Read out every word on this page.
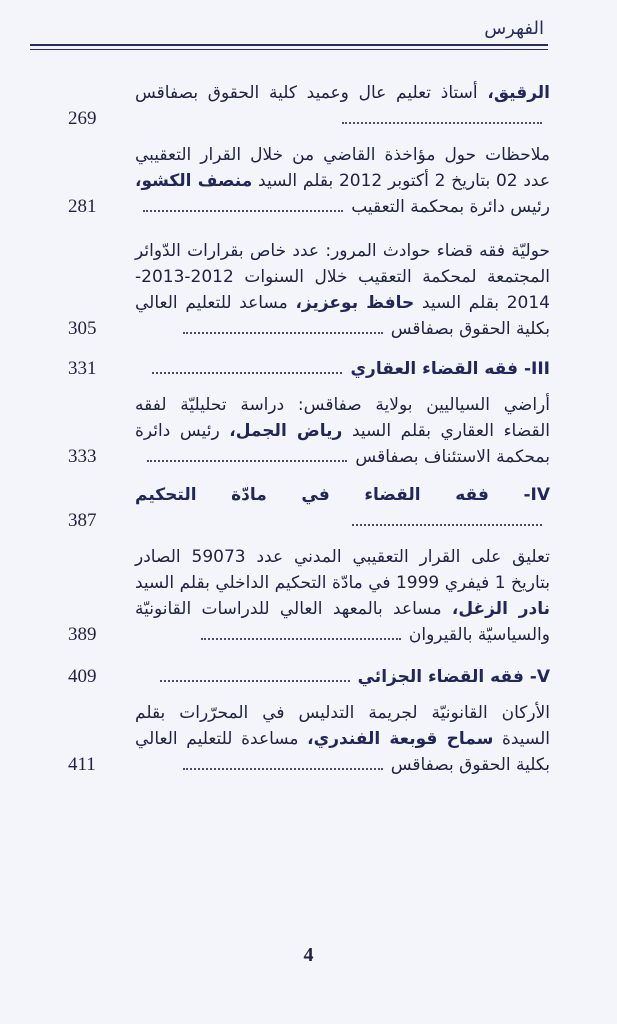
الفهرس
الرقيق، أستاذ تعليم عال وعميد كلية الحقوق بصفاقس
269
ملاحظات حول مؤاخذة القاضي من خلال القرار التعقيبي عدد 02 بتاريخ 2 أكتوبر 2012 بقلم السيد منصف الكشو، رئيس دائرة بمحكمة التعقيب
281
حوليّة فقه قضاء حوادث المرور: عدد خاص بقرارات الدّوائر المجتمعة لمحكمة التعقيب خلال السنوات 2012-2013-2014 بقلم السيد حافظ بوعزيز، مساعد للتعليم العالي بكلية الحقوق بصفاقس
305
III- فقه القضاء العقاري
331
أراضي السياليين بولاية صفاقس: دراسة تحليليّة لفقه القضاء العقاري بقلم السيد رياض الجمل، رئيس دائرة بمحكمة الاستئناف بصفاقس
333
IV- فقه القضاء في مادّة التحكيم
387
تعليق على القرار التعقيبي المدني عدد 59073 الصادر بتاريخ 1 فيفري 1999 في مادّة التحكيم الداخلي بقلم السيد نادر الزغل، مساعد بالمعهد العالي للدراسات القانونيّة والسياسيّة بالقيروان
389
V- فقه القضاء الجزائي
409
الأركان القانونيّة لجريمة التدليس في المحرّرات بقلم السيدة سماح قوبعة الفندري، مساعدة للتعليم العالي بكلية الحقوق بصفاقس
411
4
